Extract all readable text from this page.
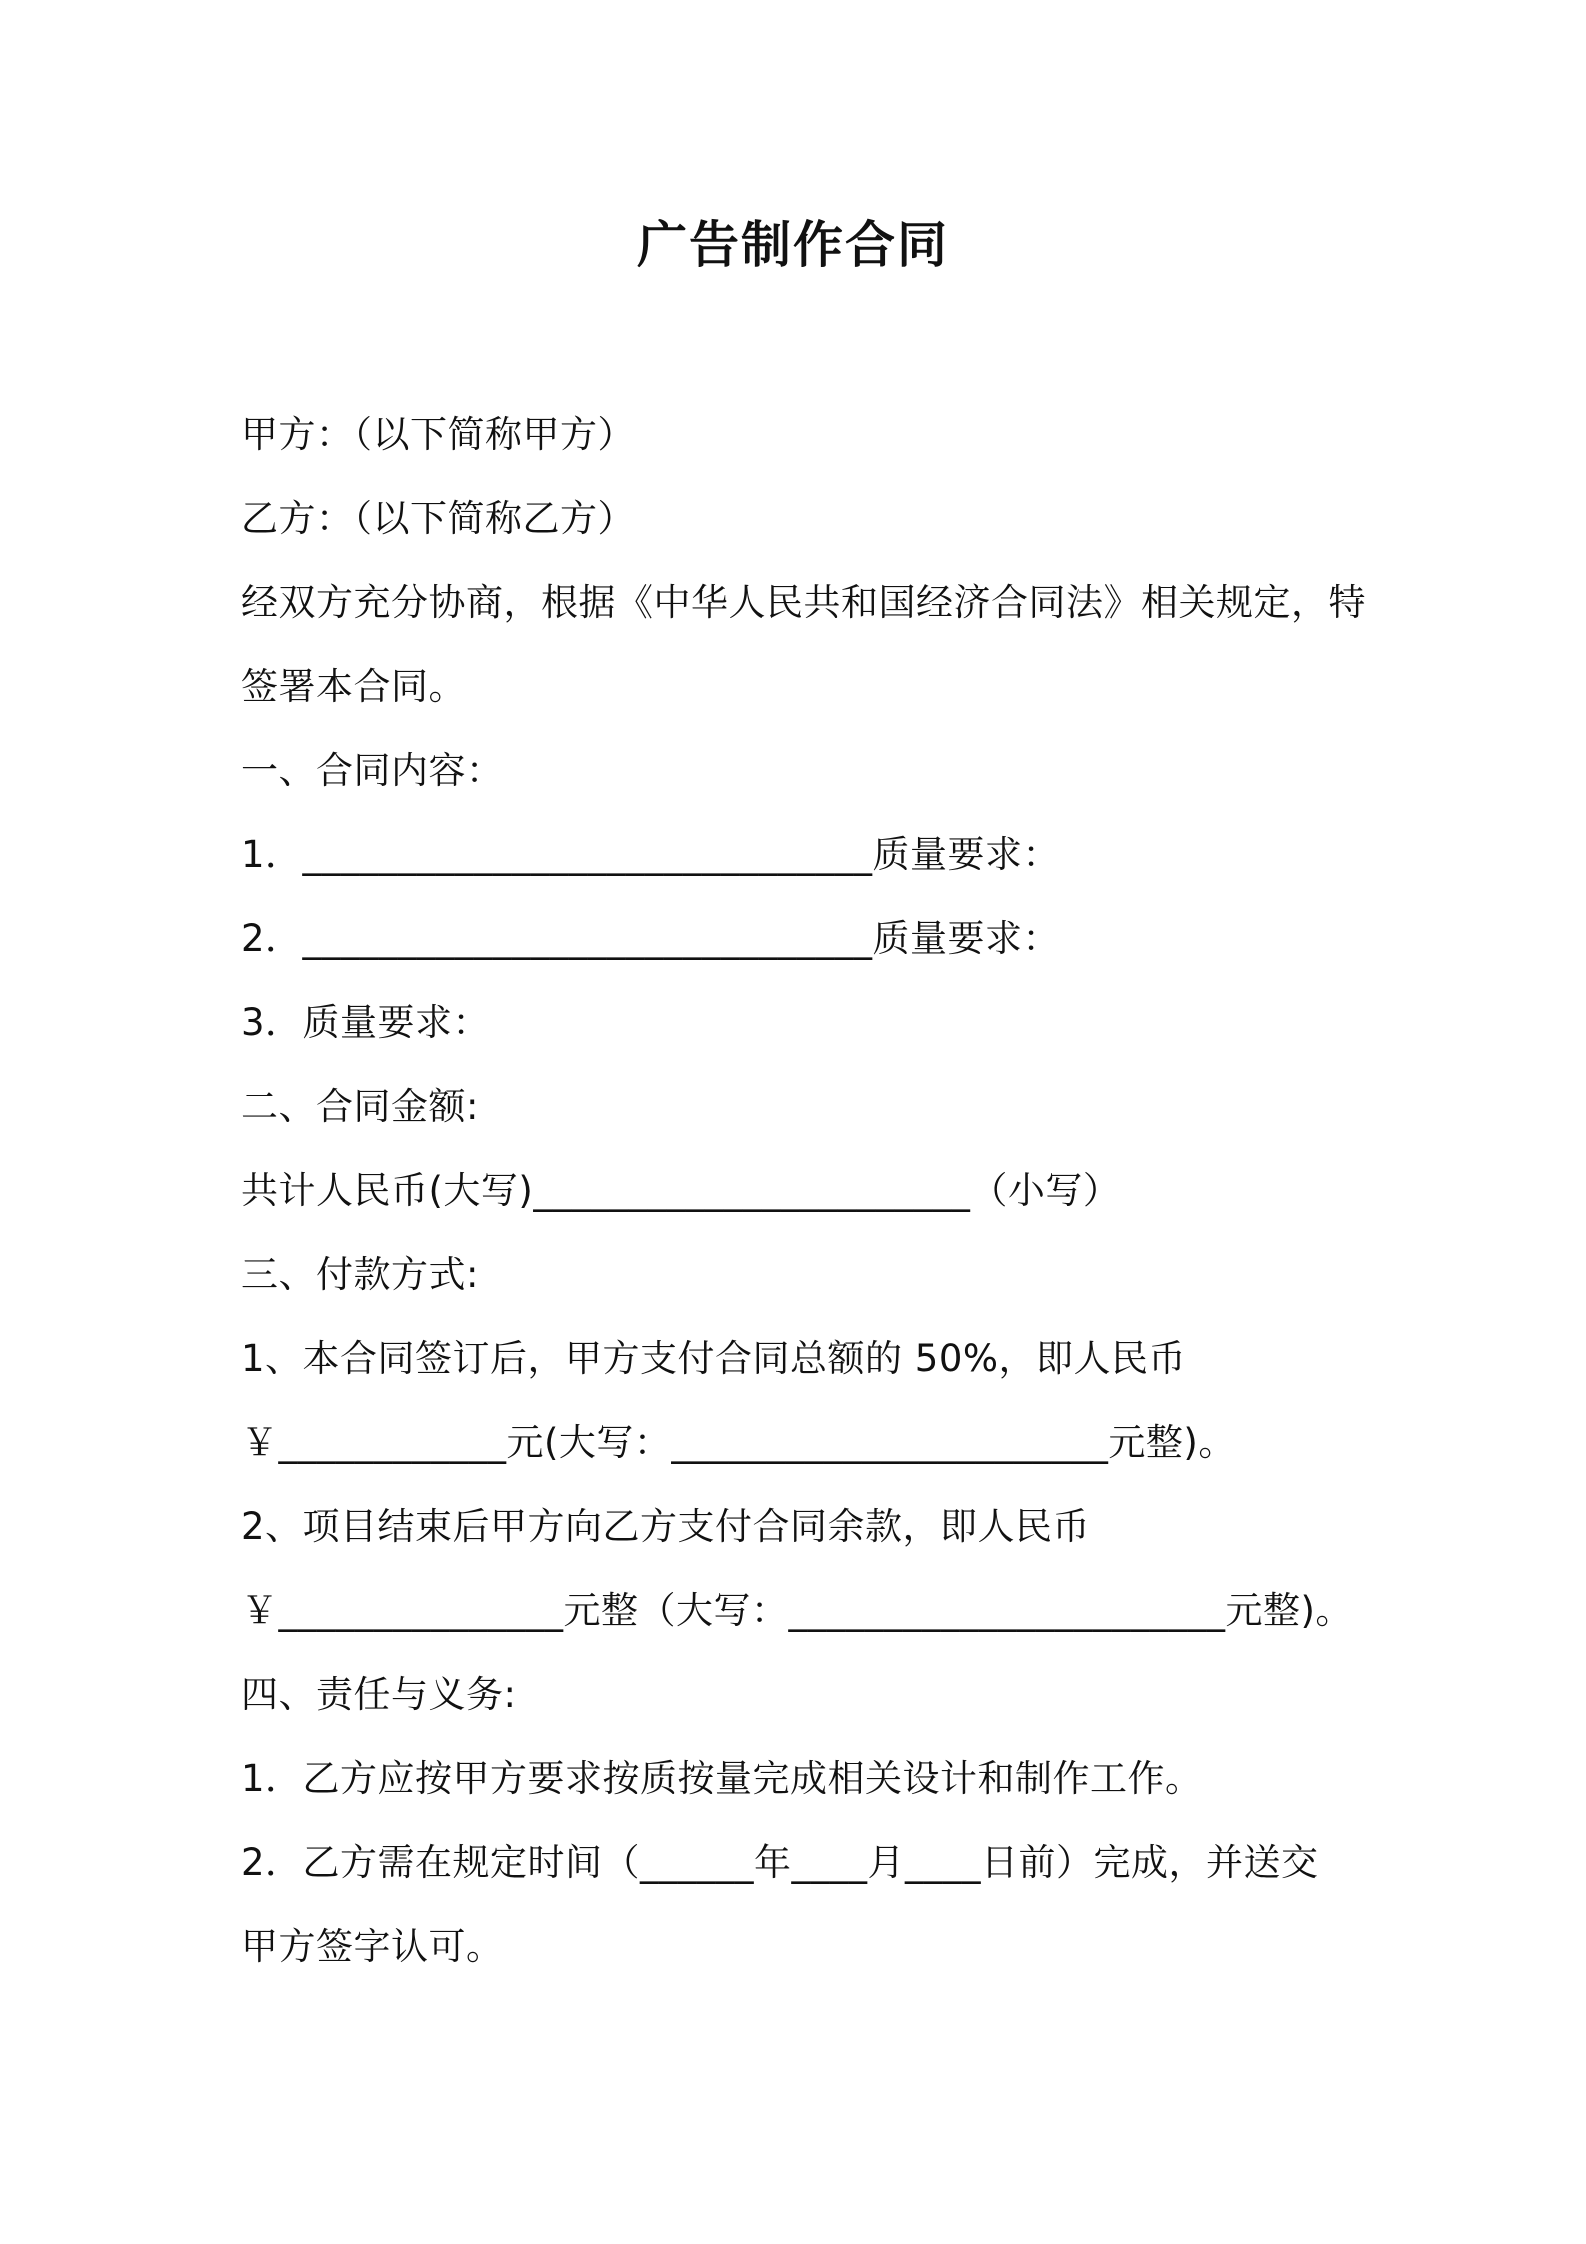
广告制作合同
甲方：（以下简称甲方）
乙方：（以下简称乙方）
经双方充分协商，根据《中华人民共和国经济合同法》相关规定，特
签署本合同。
一、合同内容：
1．______________________________质量要求：
2．______________________________质量要求：
3．质量要求：
二、合同金额:
共计人民币(大写)_______________________（小写）
三、付款方式:
1、本合同签订后，甲方支付合同总额的 50%，即人民币
￥____________元(大写：_______________________元整)。
2、项目结束后甲方向乙方支付合同余款，即人民币
￥_______________元整（大写：_______________________元整)。
四、责任与义务:
1．乙方应按甲方要求按质按量完成相关设计和制作工作。
2．乙方需在规定时间（______年____月____日前）完成，并送交
甲方签字认可。
